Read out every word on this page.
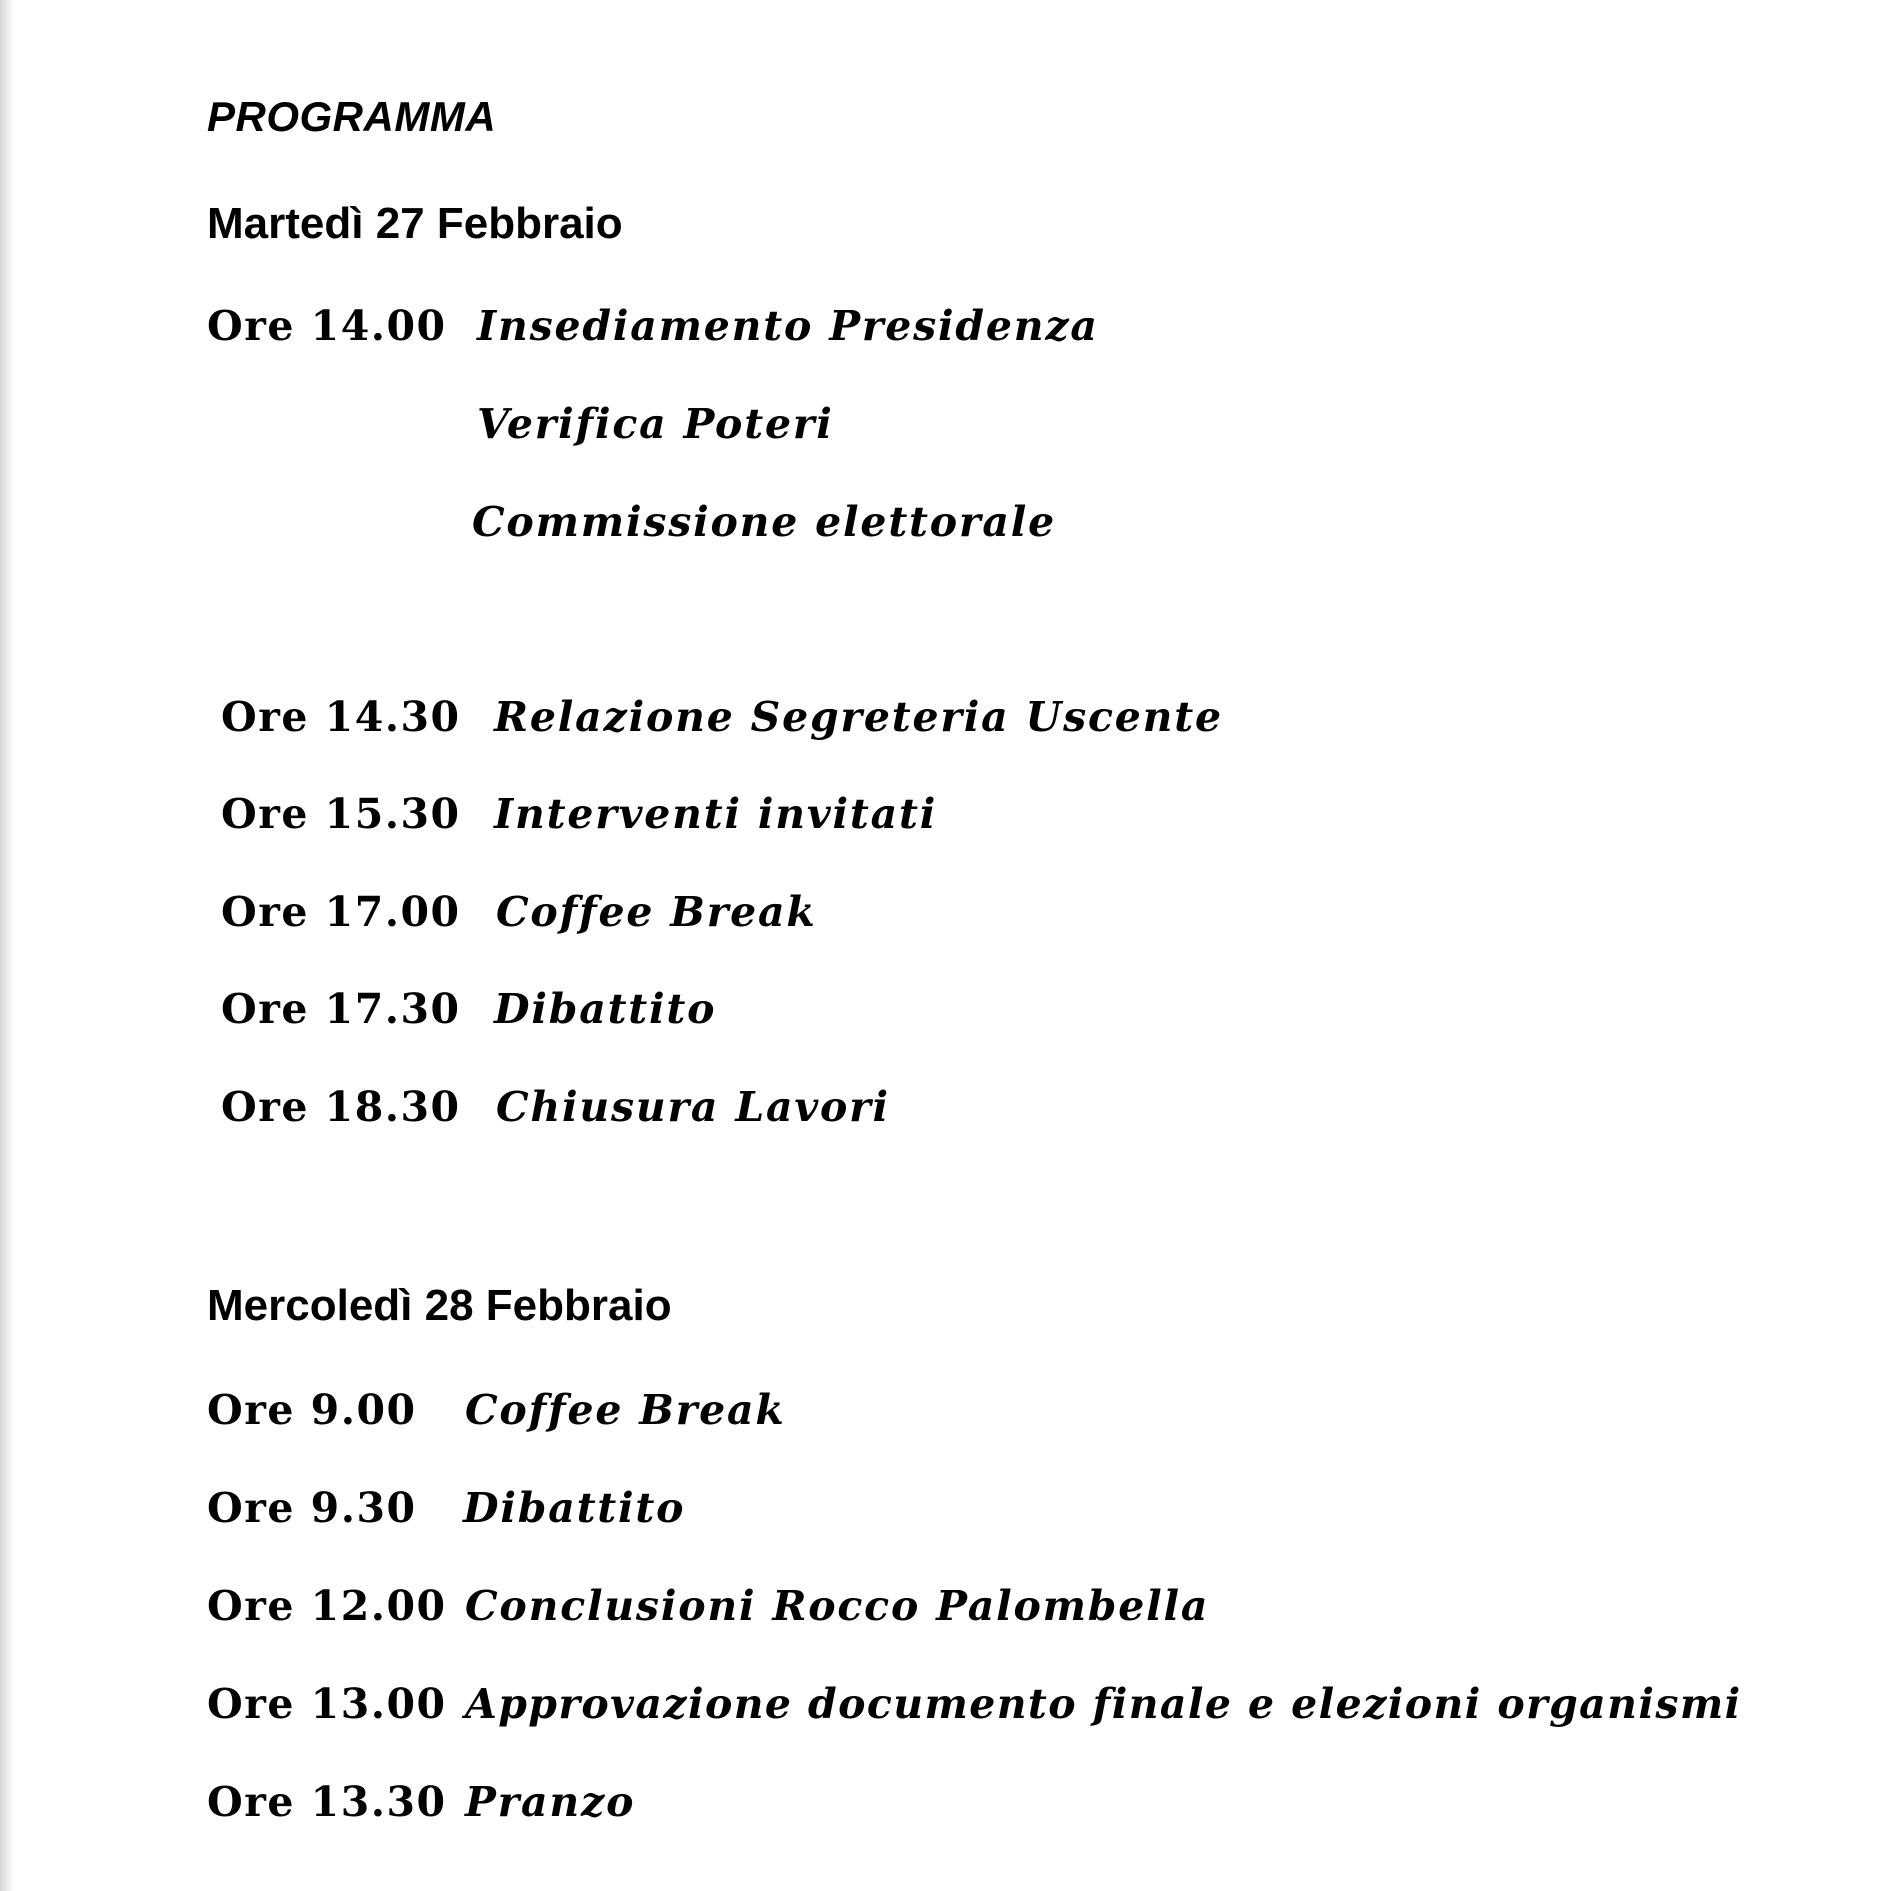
PROGRAMMA
Martedì 27 Febbraio
Ore 14.00 Insediamento Presidenza
Verifica Poteri
Commissione elettorale
Ore 14.30 Relazione Segreteria Uscente
Ore 15.30 Interventi invitati
Ore 17.00 Coffee Break
Ore 17.30 Dibattito
Ore 18.30 Chiusura Lavori
Mercoledì 28 Febbraio
Ore 9.00 Coffee Break
Ore 9.30 Dibattito
Ore 12.00 Conclusioni Rocco Palombella
Ore 13.00 Approvazione documento finale e elezioni organismi
Ore 13.30 Pranzo
